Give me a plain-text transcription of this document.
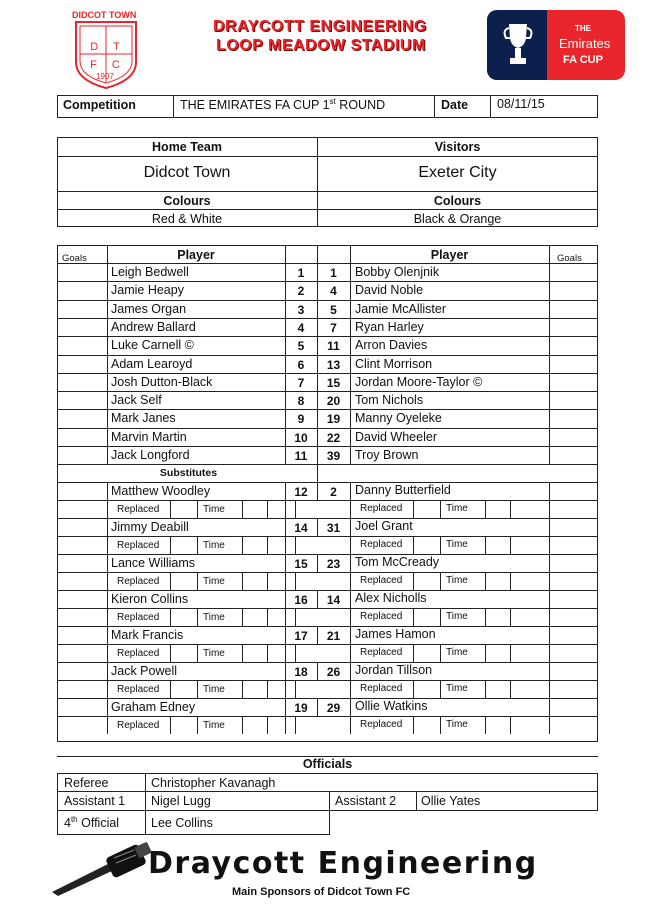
DIDCOT TOWN
D T F C
1907
DRAYCOTT ENGINEERING
LOOP MEADOW STADIUM
THE
Emirates
FA CUP
Competition	THE EMIRATES FA CUP 1st ROUND	Date 08/11/15
Home Team	Visitors
Didcot Town	Exeter City
Colours	Colours
Red & White	Black & Orange
Leigh Bedwell	1	1	Bobby Olenjnik
Jamie Heapy	2	4	David Noble
James Organ	3	5	Jamie McAllister
Andrew Ballard	4	7	Ryan Harley
Luke Carnell ©	5	11	Arron Davies
Adam Learoyd	6	13	Clint Morrison
Josh Dutton-Black	7	15	Jordan Moore-Taylor ©
Jack Self	8	20	Tom Nichols
Mark Janes	9	19	Manny Oyeleke
Marvin Martin	10	22	David Wheeler
Jack Longford	11	39	Troy Brown
Matthew Woodley	12	2	Danny Butterfield
Replaced	Time	Replaced	Time
Jimmy Deabill	14	31	Joel Grant
Replaced	Time	Replaced	Time
Lance Williams	15	23	Tom McCready
Replaced	Time	Replaced	Time
Kieron Collins	16	14	Alex Nicholls
Replaced	Time	Replaced	Time
Mark Francis	17	21	James Hamon
Replaced	Time	Replaced	Time
Jack Powell	18	26	Jordan Tillson
Replaced	Time	Replaced	Time
Graham Edney	19	29	Ollie Watkins
Replaced	Time	Replaced	Time
Goals	Player	Player	Goals
Substitutes
Officials
Referee	Christopher Kavanagh
Assistant 1 Nigel Lugg	Assistant 2 Ollie Yates
4th Official	Lee Collins
Draycott Engineering
Main Sponsors of Didcot Town FC
